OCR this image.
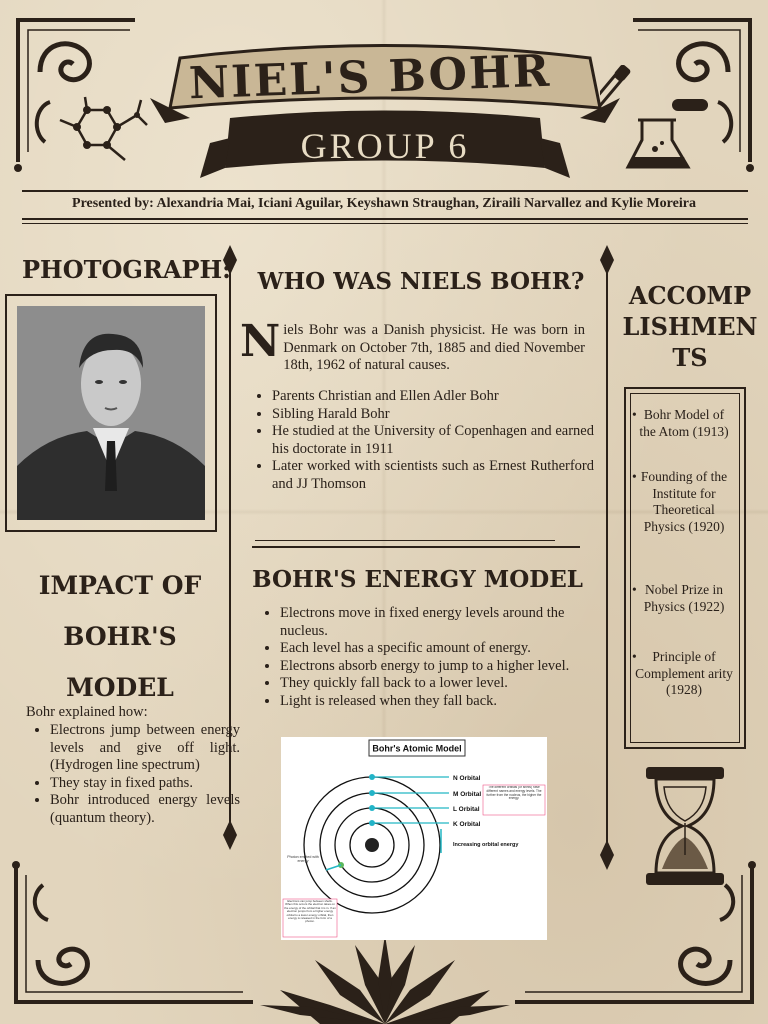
NIEL'S BOHR
GROUP 6
Presented by: Alexandria Mai, Iciani Aguilar, Keyshawn Straughan, Ziraili Narvallez and Kylie Moreira
PHOTOGRAPH:	WHO WAS NIELS BOHR?
N iels Bohr was a Danish physicist. He was born in Denmark on October 7th, 1885 and died November 18th, 1962 of natural causes.
• Parents Christian and Ellen Adler Bohr
• Sibling Harald Bohr
• He studied at the University of Copenhagen and earned his doctorate in 1911
• Later worked with scientists such as Ernest Rutherford and JJ Thomson
ACCOMP
LISHMEN
TS
• Bohr Model of the Atom (1913)
• Founding of the Institute for Theoretical Physics (1920)
• Nobel Prize in Physics (1922)
• Principle of Complement arity (1928)
IMPACT OF
BOHR'S
MODEL
Bohr explained how:
• Electrons jump between energy levels and give off light. (Hydrogen line spectrum)
• They stay in fixed paths.
• Bohr introduced energy levels (quantum theory).
BOHR'S ENERGY MODEL
• Electrons move in fixed energy levels around the nucleus.
• Each level has a specific amount of energy.
• Electrons absorb energy to jump to a higher level.
• They quickly fall back to a lower level.
• Light is released when they fall back.
Bohr's Atomic Model
N Orbital
M Orbital
L Orbital
K Orbital
Increasing orbital energy
The different orbitals (or shells) have different names and energy levels. The further from the nucleus, the higher the energy.
Photon emitted with energy
Electrons can jump between shells. When this occurs the electron takes on the energy of the orbital that it is in. If an electron jumps from a higher energy orbital to a lower energy orbital, then energy is released in the form of a photon.
